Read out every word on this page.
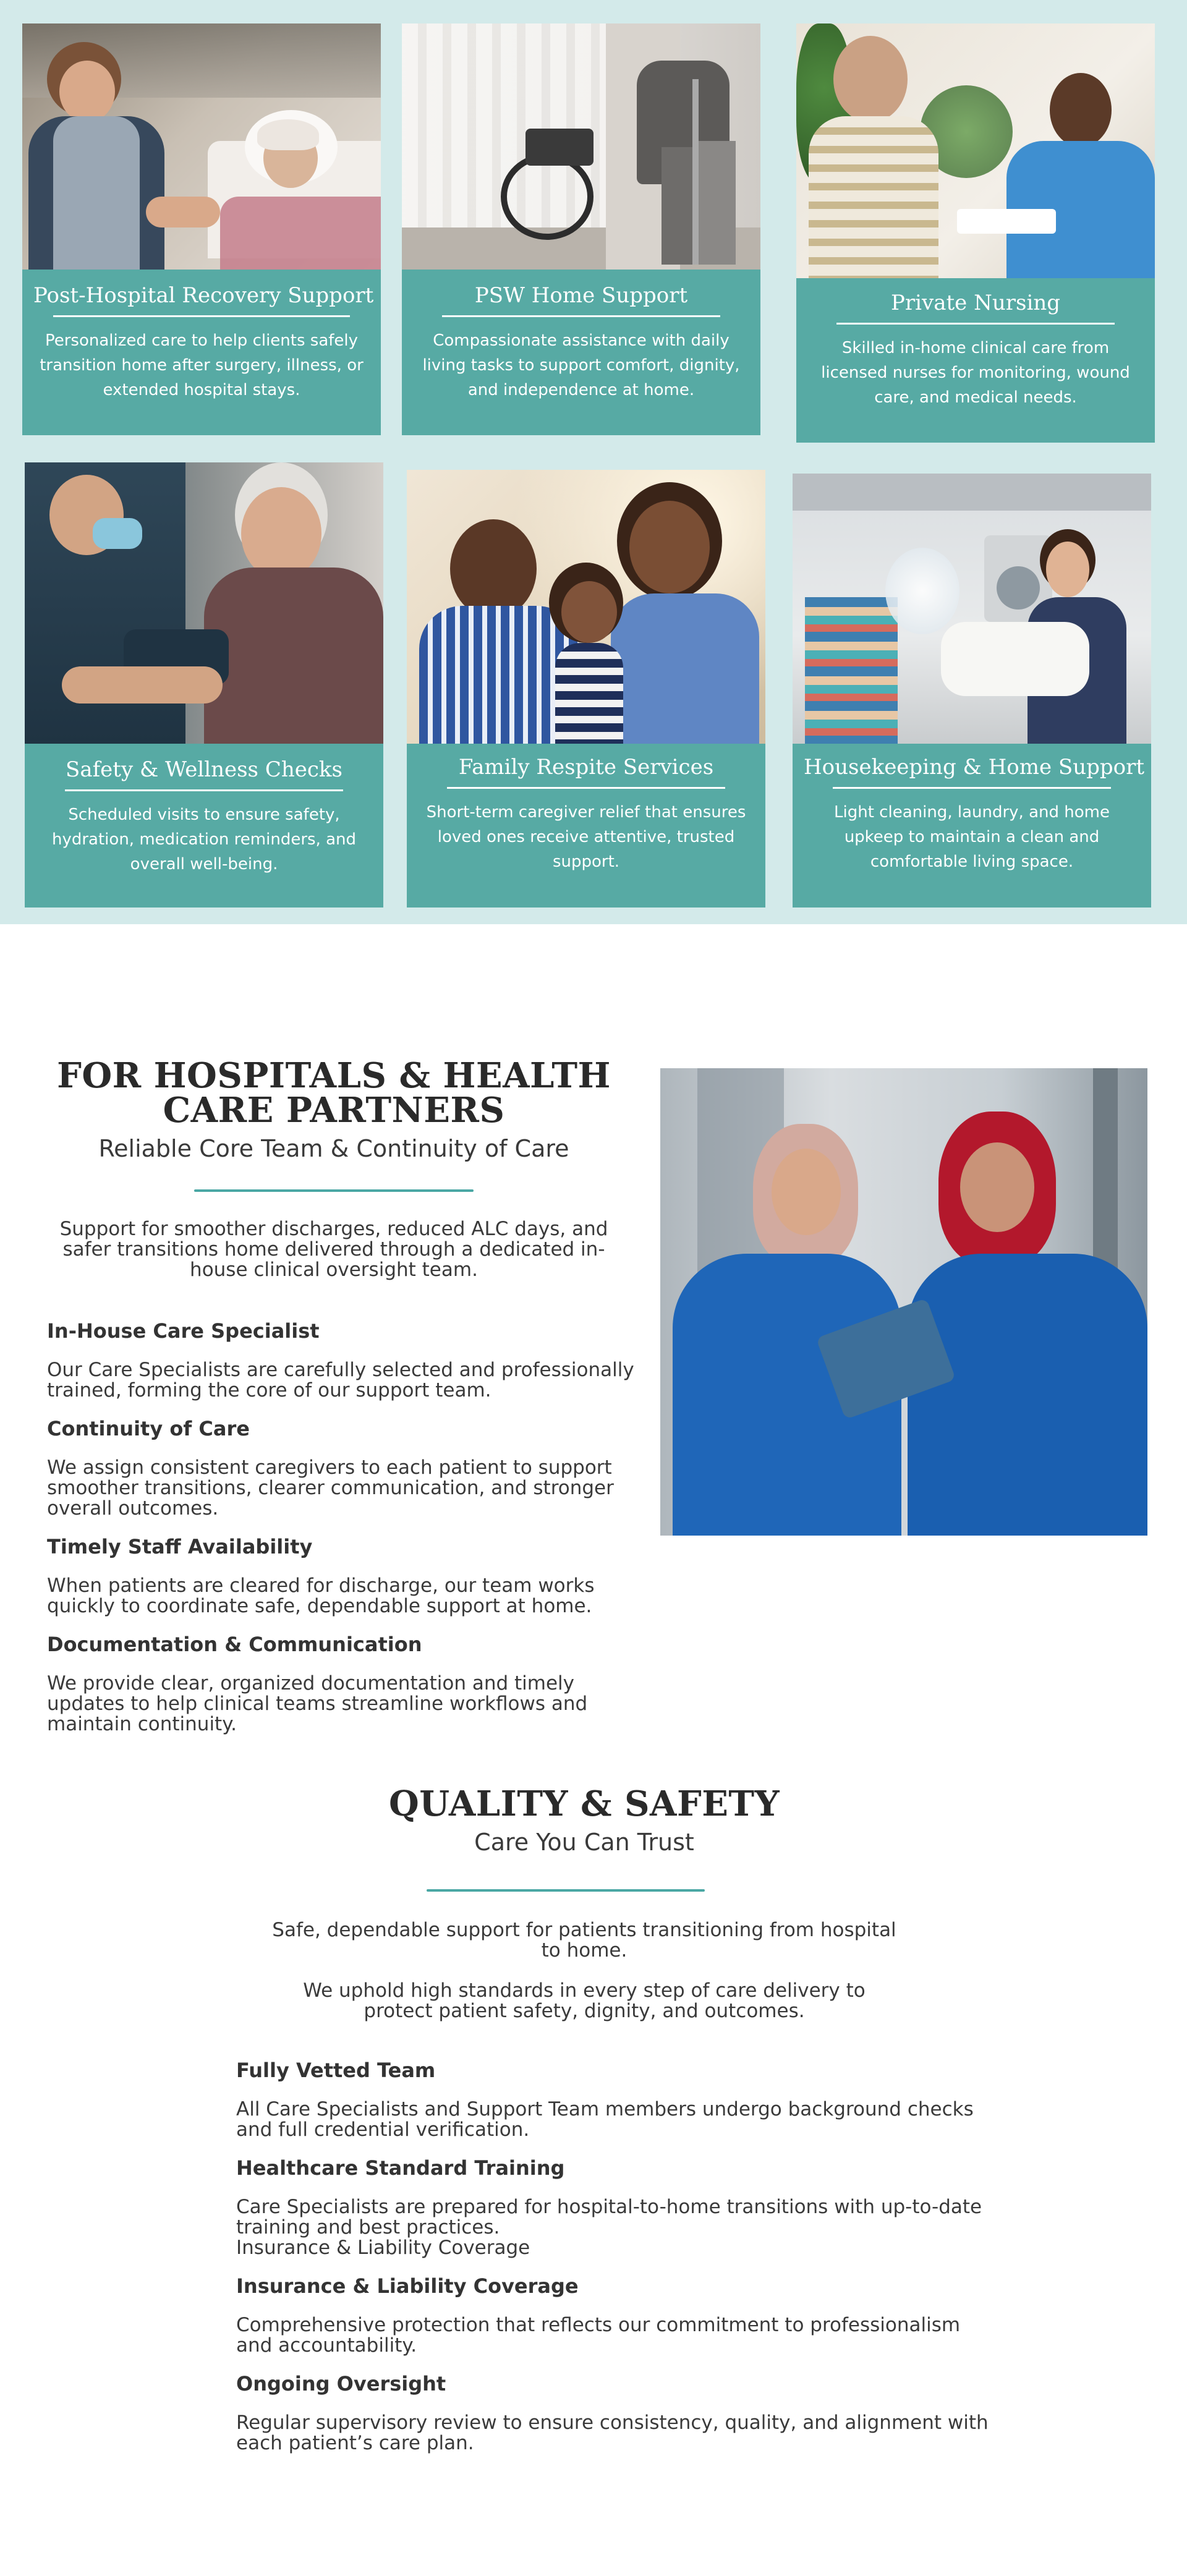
Post-Hospital Recovery Support
Personalized care to help clients safely transition home after surgery, illness, or extended hospital stays.
PSW Home Support
Compassionate assistance with daily living tasks to support comfort, dignity, and independence at home.
Private Nursing
Skilled in-home clinical care from licensed nurses for monitoring, wound care, and medical needs.
Safety & Wellness Checks
Scheduled visits to ensure safety, hydration, medication reminders, and overall well-being.
Family Respite Services
Short-term caregiver relief that ensures loved ones receive attentive, trusted support.
Housekeeping & Home Support
Light cleaning, laundry, and home upkeep to maintain a clean and comfortable living space.
FOR HOSPITALS & HEALTH CARE PARTNERS
Reliable Core Team & Continuity of Care

Support for smoother discharges, reduced ALC days, and safer transitions home delivered through a dedicated in-house clinical oversight team.

In-House Care Specialist
Our Care Specialists are carefully selected and professionally trained, forming the core of our support team.
Continuity of Care
We assign consistent caregivers to each patient to support smoother transitions, clearer communication, and stronger overall outcomes.
Timely Staff Availability
When patients are cleared for discharge, our team works quickly to coordinate safe, dependable support at home.
Documentation & Communication
We provide clear, organized documentation and timely updates to help clinical teams streamline workflows and maintain continuity.
QUALITY & SAFETY
Care You Can Trust

Safe, dependable support for patients transitioning from hospital to home.

We uphold high standards in every step of care delivery to protect patient safety, dignity, and outcomes.

Fully Vetted Team
All Care Specialists and Support Team members undergo background checks and full credential verification.
Healthcare Standard Training
Care Specialists are prepared for hospital-to-home transitions with up-to-date training and best practices.
Insurance & Liability Coverage
Insurance & Liability Coverage
Comprehensive protection that reflects our commitment to professionalism and accountability.
Ongoing Oversight
Regular supervisory review to ensure consistency, quality, and alignment with each patient’s care plan.
